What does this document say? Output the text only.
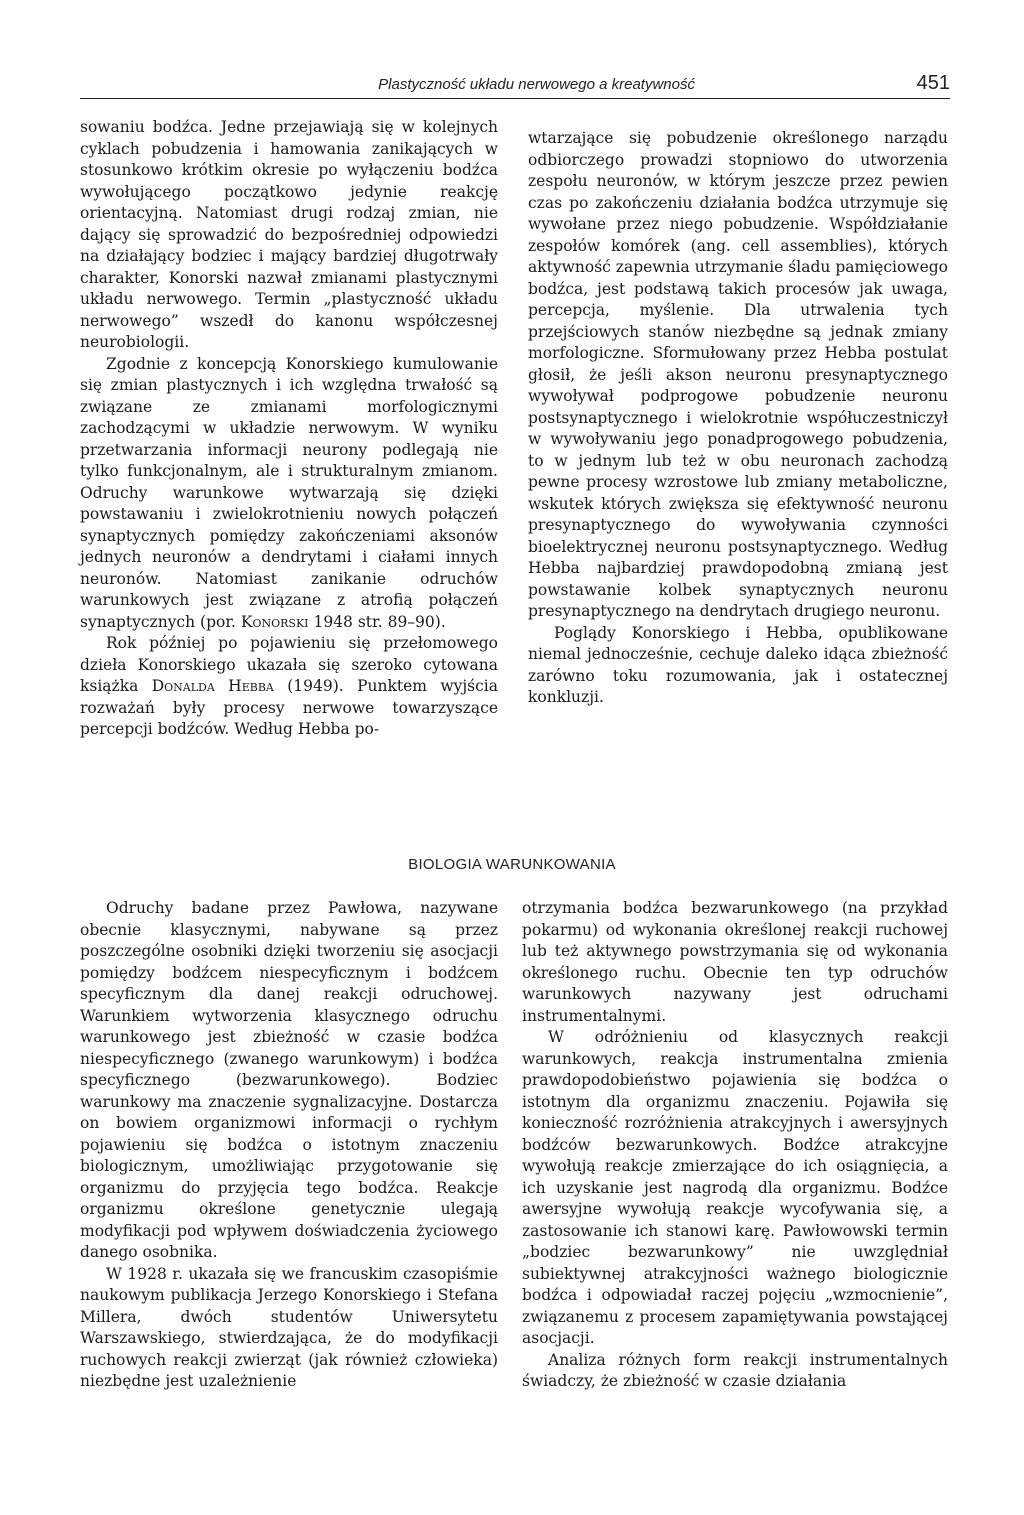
Plastyczność układu nerwowego a kreatywność	451

sowaniu bodźca. Jedne przejawiają się w kolejnych cyklach pobudzenia i hamowania zanikających w stosunkowo krótkim okresie po wyłączeniu bodźca wywołującego początkowo jedynie reakcję orientacyjną. Natomiast drugi rodzaj zmian, nie dający się sprowadzić do bezpośredniej odpowiedzi na działający bodziec i mający bardziej długotrwały charakter, Konorski nazwał zmianami plastycznymi układu nerwowego. Termin „plastyczność układu nerwowego” wszedł do kanonu współczesnej neurobiologii.

Zgodnie z koncepcją Konorskiego kumulowanie się zmian plastycznych i ich względna trwałość są związane ze zmianami morfologicznymi zachodzącymi w układzie nerwowym. W wyniku przetwarzania informacji neurony podlegają nie tylko funkcjonalnym, ale i strukturalnym zmianom. Odruchy warunkowe wytwarzają się dzięki powstawaniu i zwielokrotnieniu nowych połączeń synaptycznych pomiędzy zakończeniami aksonów jednych neuronów a dendrytami i ciałami innych neuronów. Natomiast zanikanie odruchów warunkowych jest związane z atrofią połączeń synaptycznych (por. Konorski 1948 str. 89–90).

Rok później po pojawieniu się przełomowego dzieła Konorskiego ukazała się szeroko cytowana książka Donalda Hebba (1949). Punktem wyjścia rozważań były procesy nerwowe towarzyszące percepcji bodźców. Według Hebba po-

wtarzające się pobudzenie określonego narządu odbiorczego prowadzi stopniowo do utworzenia zespołu neuronów, w którym jeszcze przez pewien czas po zakończeniu działania bodźca utrzymuje się wywołane przez niego pobudzenie. Współdziałanie zespołów komórek (ang. cell assemblies), których aktywność zapewnia utrzymanie śladu pamięciowego bodźca, jest podstawą takich procesów jak uwaga, percepcja, myślenie. Dla utrwalenia tych przejściowych stanów niezbędne są jednak zmiany morfologiczne. Sformułowany przez Hebba postulat głosił, że jeśli akson neuronu presynaptycznego wywoływał podprogowe pobudzenie neuronu postsynaptycznego i wielokrotnie współuczestniczył w wywoływaniu jego ponadprogowego pobudzenia, to w jednym lub też w obu neuronach zachodzą pewne procesy wzrostowe lub zmiany metaboliczne, wskutek których zwiększa się efektywność neuronu presynaptycznego do wywoływania czynności bioelektrycznej neuronu postsynaptycznego. Według Hebba najbardziej prawdopodobną zmianą jest powstawanie kolbek synaptycznych neuronu presynaptycznego na dendrytach drugiego neuronu.

Poglądy Konorskiego i Hebba, opublikowane niemal jednocześnie, cechuje daleko idąca zbieżność zarówno toku rozumowania, jak i ostatecznej konkluzji.

BIOLOGIA WARUNKOWANIA

Odruchy badane przez Pawłowa, nazywane obecnie klasycznymi, nabywane są przez poszczególne osobniki dzięki tworzeniu się asocjacji pomiędzy bodźcem niespecyficznym i bodźcem specyficznym dla danej reakcji odruchowej. Warunkiem wytworzenia klasycznego odruchu warunkowego jest zbieżność w czasie bodźca niespecyficznego (zwanego warunkowym) i bodźca specyficznego (bezwarunkowego). Bodziec warunkowy ma znaczenie sygnalizacyjne. Dostarcza on bowiem organizmowi informacji o rychłym pojawieniu się bodźca o istotnym znaczeniu biologicznym, umożliwiając przygotowanie się organizmu do przyjęcia tego bodźca. Reakcje organizmu określone genetycznie ulegają modyfikacji pod wpływem doświadczenia życiowego danego osobnika.

W 1928 r. ukazała się we francuskim czasopiśmie naukowym publikacja Jerzego Konorskiego i Stefana Millera, dwóch studentów Uniwersytetu Warszawskiego, stwierdzająca, że do modyfikacji ruchowych reakcji zwierząt (jak również człowieka) niezbędne jest uzależnienie

otrzymania bodźca bezwarunkowego (na przykład pokarmu) od wykonania określonej reakcji ruchowej lub też aktywnego powstrzymania się od wykonania określonego ruchu. Obecnie ten typ odruchów warunkowych nazywany jest odruchami instrumentalnymi.

W odróżnieniu od klasycznych reakcji warunkowych, reakcja instrumentalna zmienia prawdopodobieństwo pojawienia się bodźca o istotnym dla organizmu znaczeniu. Pojawiła się konieczność rozróżnienia atrakcyjnych i awersyjnych bodźców bezwarunkowych. Bodźce atrakcyjne wywołują reakcje zmierzające do ich osiągnięcia, a ich uzyskanie jest nagrodą dla organizmu. Bodźce awersyjne wywołują reakcje wycofywania się, a zastosowanie ich stanowi karę. Pawłowowski termin „bodziec bezwarunkowy” nie uwzględniał subiektywnej atrakcyjności ważnego biologicznie bodźca i odpowiadał raczej pojęciu „wzmocnienie”, związanemu z procesem zapamiętywania powstającej asocjacji.

Analiza różnych form reakcji instrumentalnych świadczy, że zbieżność w czasie działania
